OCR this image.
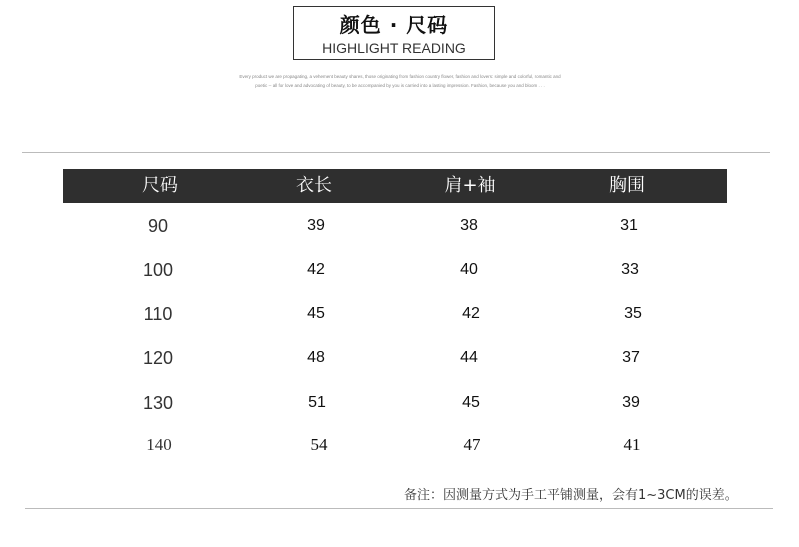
颜色 · 尺码
HIGHLIGHT READING
Every product we are propagating, a vehement beauty shares, those originating from fashion country flower, fashion and lovers: simple and colorful, romantic and
poetic -- all for love and advocating of beauty, to be accompanied by you is carried into a lasting impression. Fashion, because you and bloom . . .
尺码	衣长	肩+袖	胸围
90	39	38	31
100	42	40	33
110	45	42	35
120	48	44	37
130	51	45	39
140	54	47	41
备注：因测量方式为手工平铺测量，会有1~3CM的误差。
